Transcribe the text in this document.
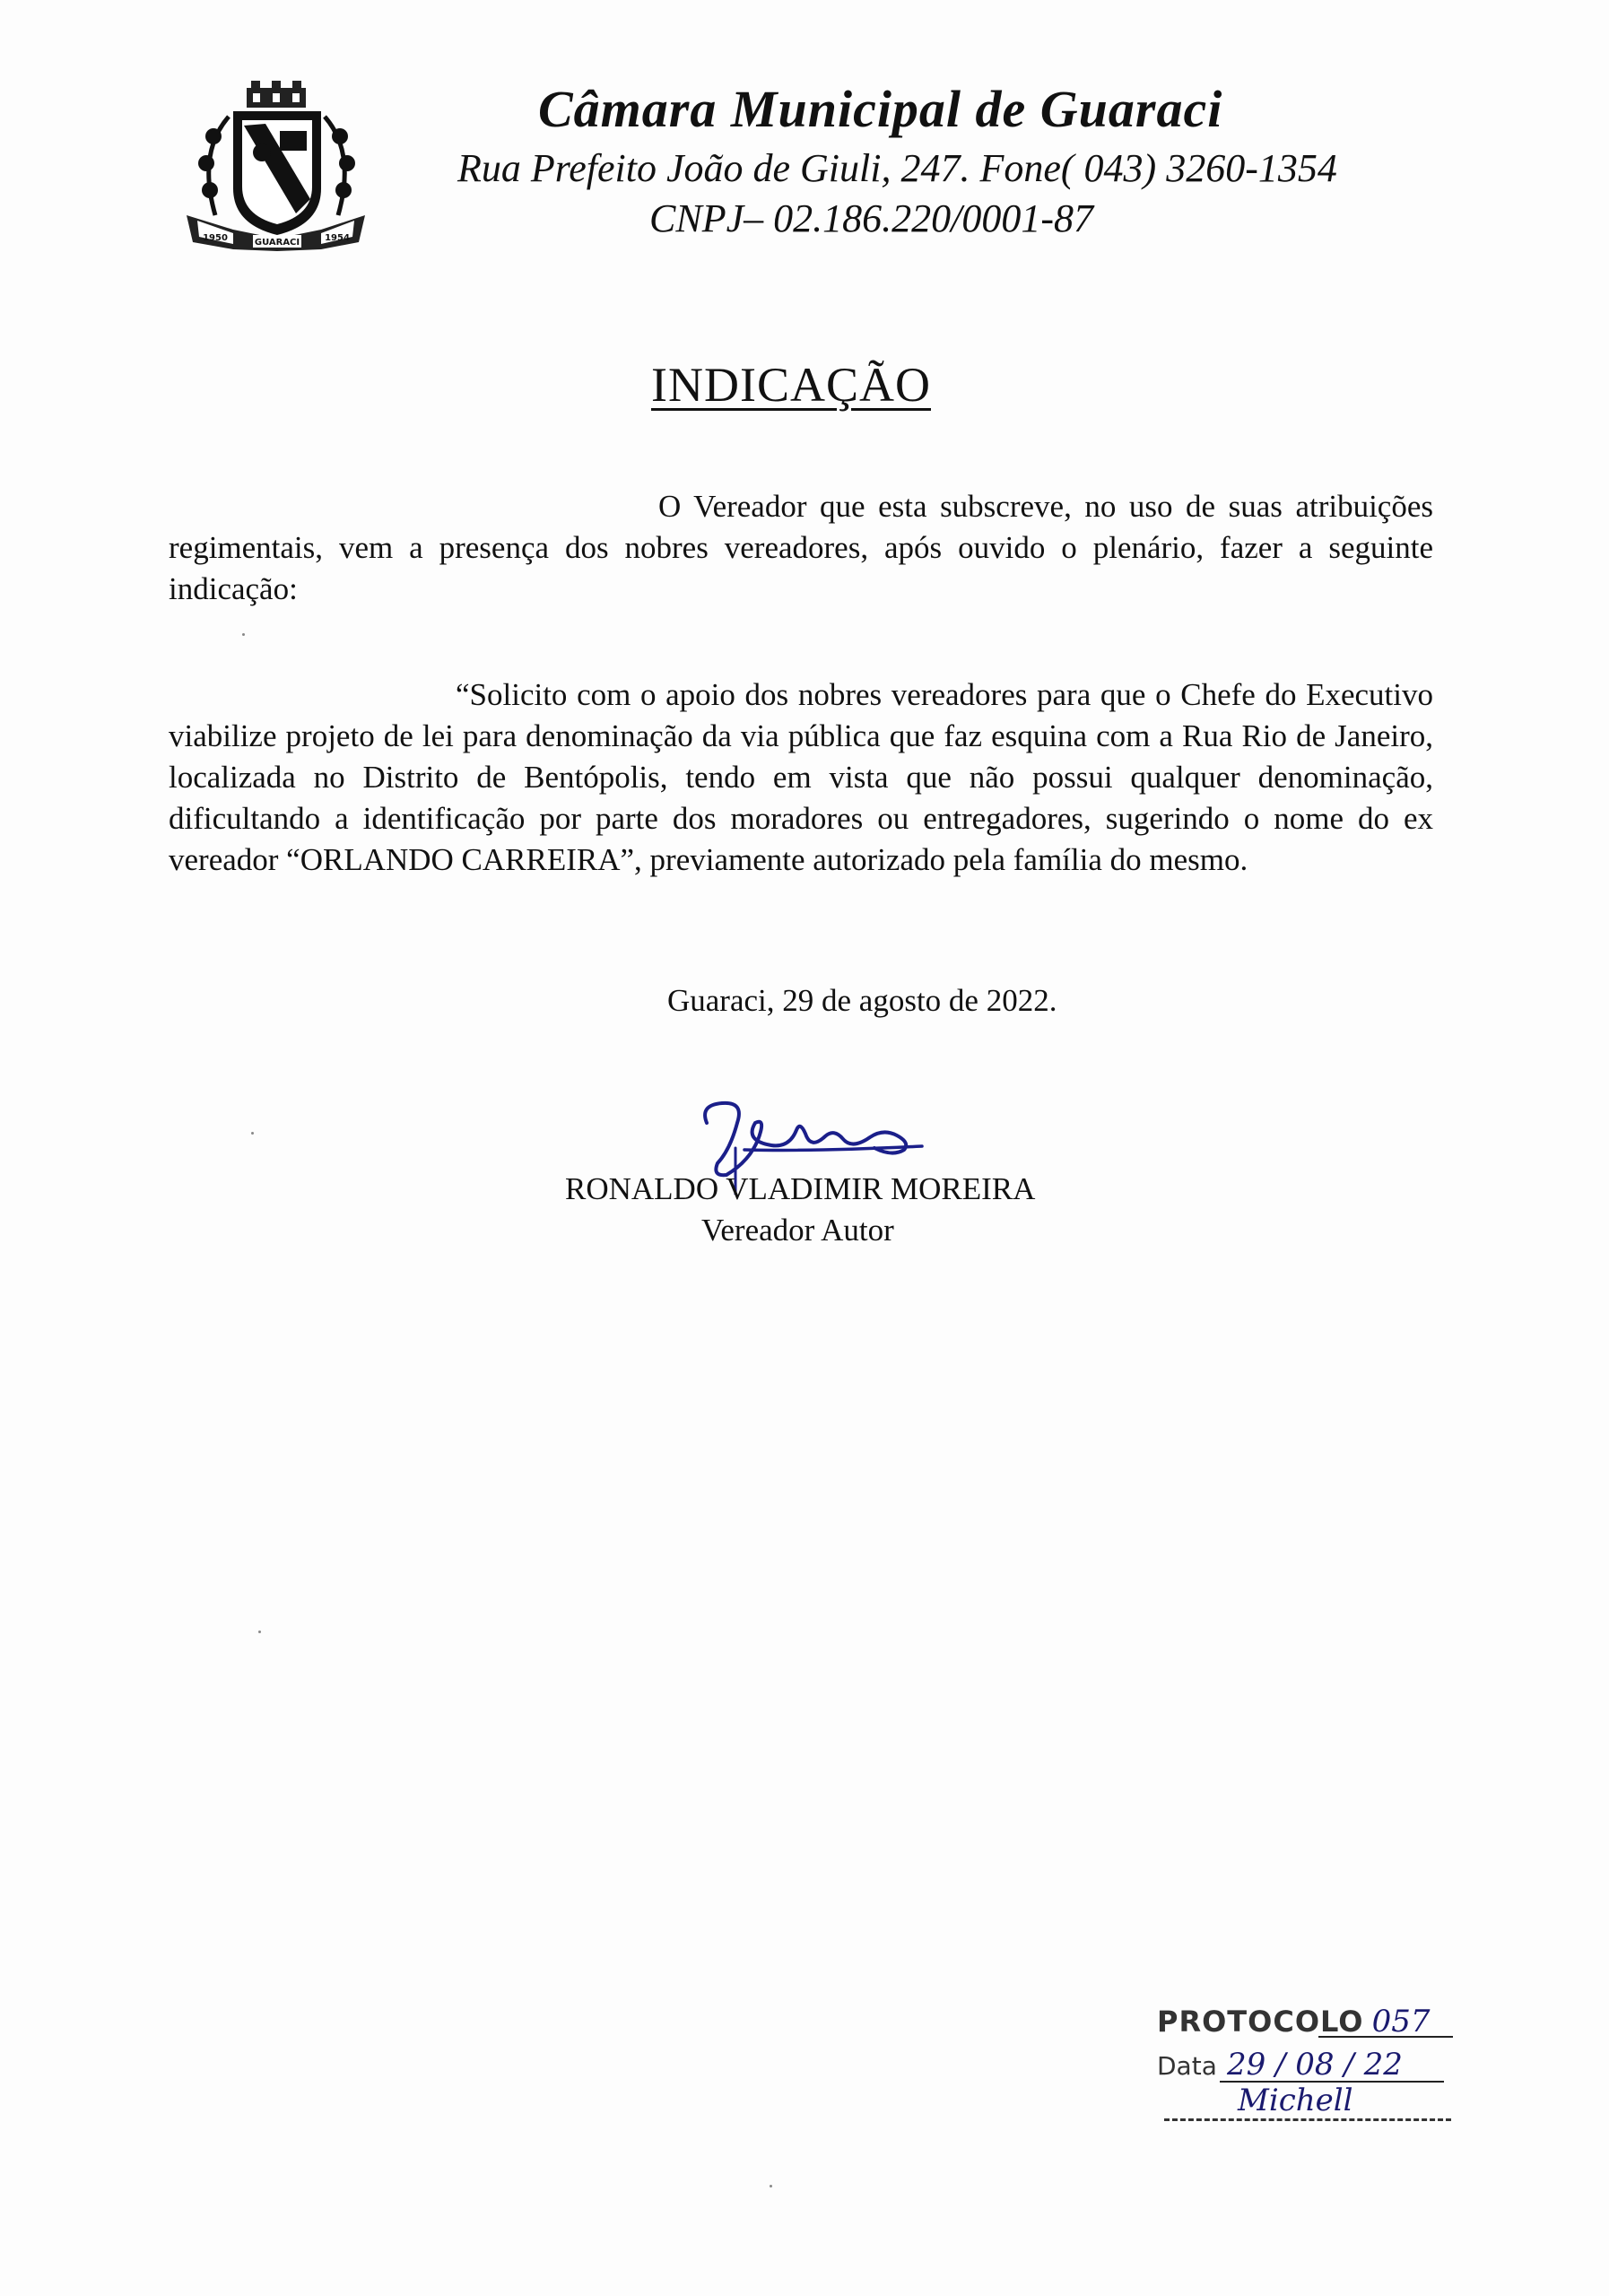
1950	GUARACI	1954
Câmara Municipal de Guaraci
Rua Prefeito João de Giuli, 247. Fone( 043) 3260-1354
CNPJ– 02.186.220/0001-87
INDICAÇÃO
O Vereador que esta subscreve, no uso de suas atribuições regimentais, vem a presença dos nobres vereadores, após ouvido o plenário, fazer a seguinte indicação:
“Solicito com o apoio dos nobres vereadores para que o Chefe do Executivo viabilize projeto de lei para denominação da via pública que faz esquina com a Rua Rio de Janeiro, localizada no Distrito de Bentópolis, tendo em vista que não possui qualquer denominação, dificultando a identificação por parte dos moradores ou entregadores, sugerindo o nome do ex vereador “ORLANDO CARREIRA”, previamente autorizado pela família do mesmo.
Guaraci, 29 de agosto de 2022.
RONALDO VLADIMIR MOREIRA
Vereador Autor
PROTOCOLO 057
Data 29 / 08 / 22
Michell
